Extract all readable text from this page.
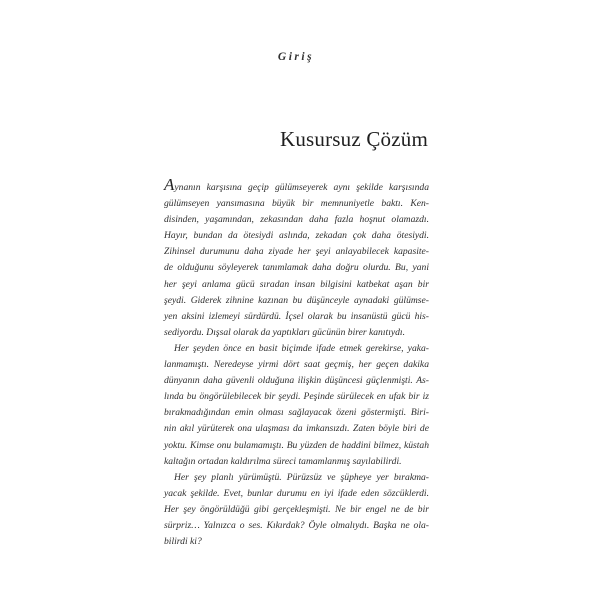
Giriş
Kusursuz Çözüm
Aynanın karşısına geçip gülümseyerek aynı şekilde karşısında
gülümseyen yansımasına büyük bir memnuniyetle baktı. Ken-
disinden, yaşamından, zekasından daha fazla hoşnut olamazdı.
Hayır, bundan da ötesiydi aslında, zekadan çok daha ötesiydi.
Zihinsel durumunu daha ziyade her şeyi anlayabilecek kapasite-
de olduğunu söyleyerek tanımlamak daha doğru olurdu. Bu, yani
her şeyi anlama gücü sıradan insan bilgisini katbekat aşan bir
şeydi. Giderek zihnine kazınan bu düşünceyle aynadaki gülümse-
yen aksini izlemeyi sürdürdü. İçsel olarak bu insanüstü gücü his-
sediyordu. Dışsal olarak da yaptıkları gücünün birer kanıtıydı.
Her şeyden önce en basit biçimde ifade etmek gerekirse, yaka-
lanmamıştı. Neredeyse yirmi dört saat geçmiş, her geçen dakika
dünyanın daha güvenli olduğuna ilişkin düşüncesi güçlenmişti. As-
lında bu öngörülebilecek bir şeydi. Peşinde sürülecek en ufak bir iz
bırakmadığından emin olması sağlayacak özeni göstermişti. Biri-
nin akıl yürüterek ona ulaşması da imkansızdı. Zaten böyle biri de
yoktu. Kimse onu bulamamıştı. Bu yüzden de haddini bilmez, küstah
kaltağın ortadan kaldırılma süreci tamamlanmış sayılabilirdi.
Her şey planlı yürümüştü. Pürüzsüz ve şüpheye yer bırakma-
yacak şekilde. Evet, bunlar durumu en iyi ifade eden sözcüklerdi.
Her şey öngörüldüğü gibi gerçekleşmişti. Ne bir engel ne de bir
sürpriz… Yalnızca o ses. Kıkırdak? Öyle olmalıydı. Başka ne ola-
bilirdi ki?
